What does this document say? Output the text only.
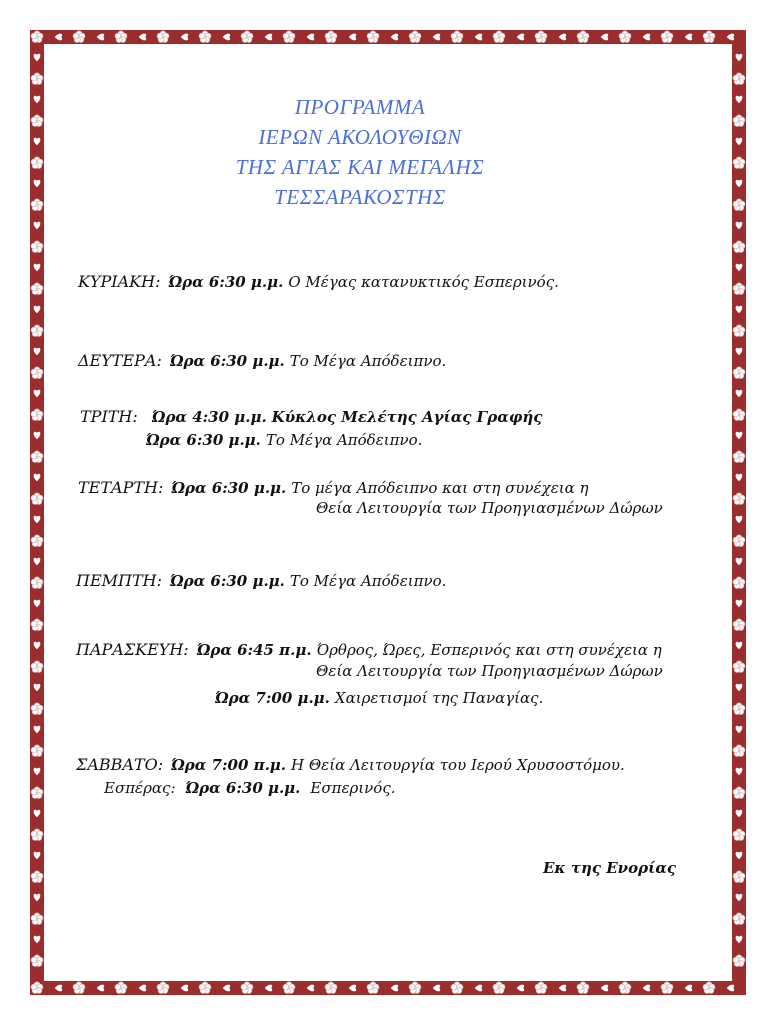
ΠΡΟΓΡΑΜΜΑ
ΙΕΡΩΝ ΑΚΟΛΟΥΘΙΩΝ
ΤΗΣ ΑΓΙΑΣ ΚΑΙ ΜΕΓΑΛΗΣ
ΤΕΣΣΑΡΑΚΟΣΤΗΣ
ΚΥΡΙΑΚΗ: Ώρα 6:30 μ.μ. Ο Μέγας κατανυκτικός Εσπερινός.
ΔΕΥΤΕΡΑ: Ώρα 6:30 μ.μ. Το Μέγα Απόδειπνο.
ΤΡΙΤΗ: Ώρα 4:30 μ.μ. Κύκλος Μελέτης Αγίας Γραφής
Ώρα 6:30 μ.μ. Το Μέγα Απόδειπνο.
ΤΕΤΑΡΤΗ: Ώρα 6:30 μ.μ. Το μέγα Απόδειπνο και στη συνέχεια η
Θεία Λειτουργία των Προηγιασμένων Δώρων
ΠΕΜΠΤΗ: Ώρα 6:30 μ.μ. Το Μέγα Απόδειπνο.
ΠΑΡΑΣΚΕΥΗ: Ώρα 6:45 π.μ. Όρθρος, Ώρες, Εσπερινός και στη συνέχεια η
Θεία Λειτουργία των Προηγιασμένων Δώρων
Ώρα 7:00 μ.μ. Χαιρετισμοί της Παναγίας.
ΣΑΒΒΑΤΟ: Ώρα 7:00 π.μ. Η Θεία Λειτουργία του Ιερού Χρυσοστόμου.
Εσπέρας: Ώρα 6:30 μ.μ. Εσπερινός.
Εκ της Ενορίας
